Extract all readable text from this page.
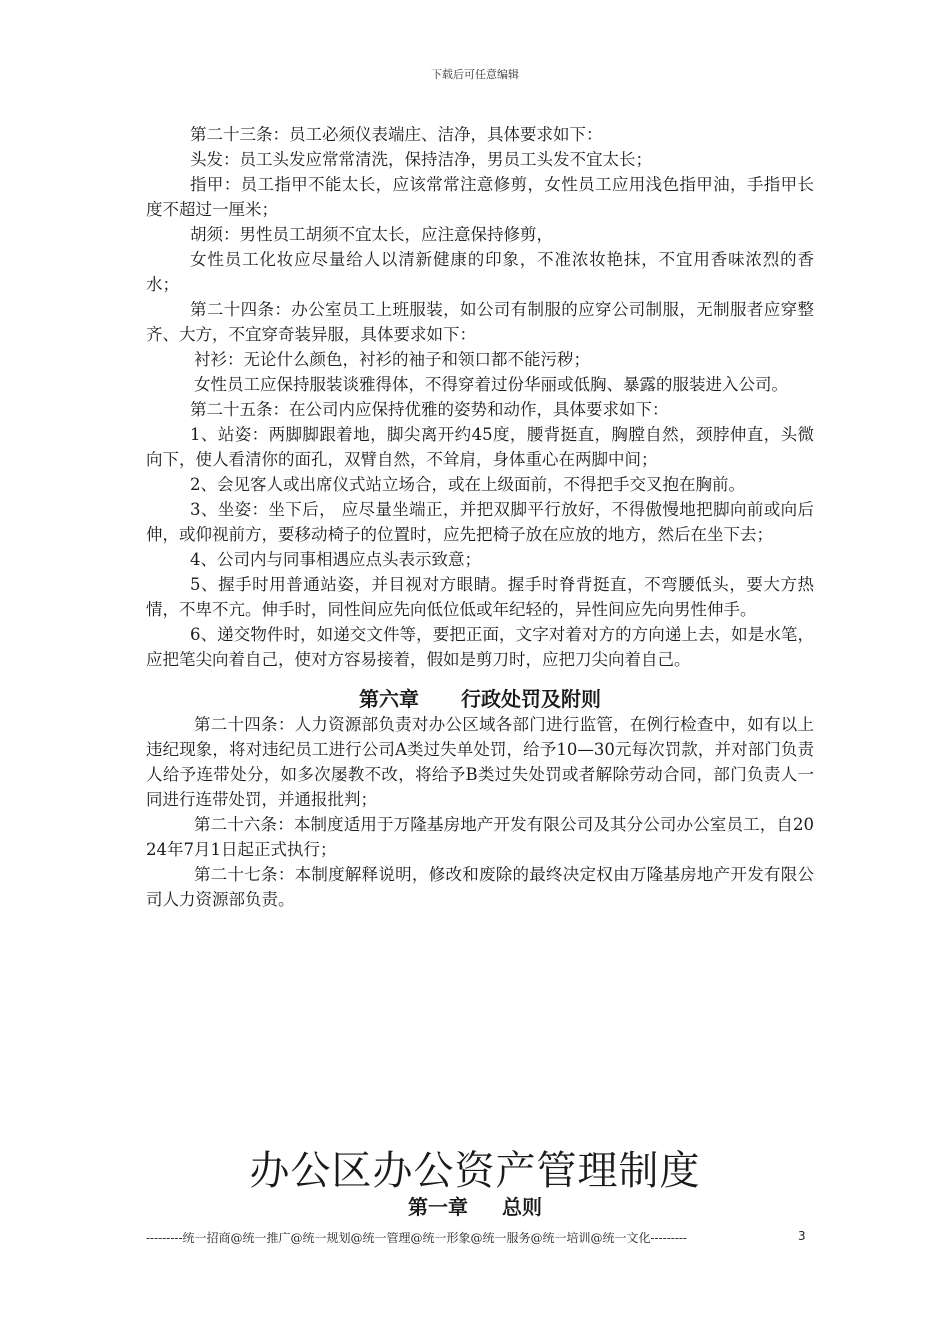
下载后可任意编辑

第二十三条：员工必须仪表端庄、洁净，具体要求如下：

头发：员工头发应常常清洗，保持洁净，男员工头发不宜太长；

指甲：员工指甲不能太长，应该常常注意修剪，女性员工应用浅色指甲油，手指甲长度不超过一厘米；

胡须：男性员工胡须不宜太长，应注意保持修剪，

女性员工化妆应尽量给人以清新健康的印象，不准浓妆艳抹，不宜用香味浓烈的香水；

第二十四条：办公室员工上班服装，如公司有制服的应穿公司制服，无制服者应穿整齐、大方，不宜穿奇装异服，具体要求如下：

衬衫：无论什么颜色，衬衫的袖子和领口都不能污秽；

女性员工应保持服装谈雅得体，不得穿着过份华丽或低胸、暴露的服装进入公司。

第二十五条：在公司内应保持优雅的姿势和动作，具体要求如下：

1、站姿：两脚脚跟着地，脚尖离开约45度，腰背挺直，胸膛自然，颈脖伸直，头微向下，使人看清你的面孔，双臂自然，不耸肩，身体重心在两脚中间；

2、会见客人或出席仪式站立场合，或在上级面前，不得把手交叉抱在胸前。

3、坐姿：坐下后， 应尽量坐端正，并把双脚平行放好，不得傲慢地把脚向前或向后伸，或仰视前方，要移动椅子的位置时，应先把椅子放在应放的地方，然后在坐下去；

4、公司内与同事相遇应点头表示致意；

5、握手时用普通站姿，并目视对方眼睛。握手时脊背挺直，不弯腰低头，要大方热情，不卑不亢。伸手时，同性间应先向低位低或年纪轻的，异性间应先向男性伸手。

6、递交物件时，如递交文件等，要把正面，文字对着对方的方向递上去，如是水笔，应把笔尖向着自己，使对方容易接着，假如是剪刀时，应把刀尖向着自己。

第六章 行政处罚及附则

第二十四条：人力资源部负责对办公区域各部门进行监管，在例行检查中，如有以上违纪现象，将对违纪员工进行公司A类过失单处罚，给予10—30元每次罚款，并对部门负责人给予连带处分，如多次屡教不改，将给予B类过失处罚或者解除劳动合同，部门负责人一同进行连带处罚，并通报批判；

第二十六条：本制度适用于万隆基房地产开发有限公司及其分公司办公室员工，自2024年7月1日起正式执行；

第二十七条：本制度解释说明，修改和废除的最终决定权由万隆基房地产开发有限公司人力资源部负责。

办公区办公资产管理制度
第一章 总则
---------统一招商@统一推广@统一规划@统一管理@统一形象@统一服务@统一培训@统一文化---------	3
